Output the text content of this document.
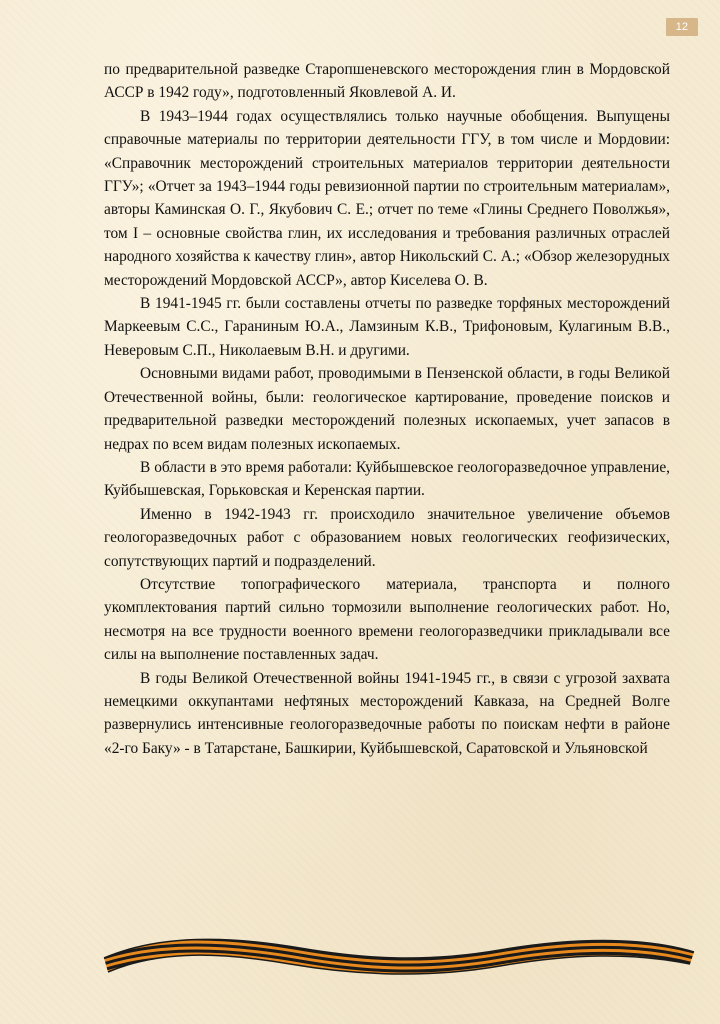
12

по предварительной разведке Старопшеневского месторождения глин в Мордовской АССР в 1942 году», подготовленный Яковлевой А. И.

В 1943–1944 годах осуществлялись только научные обобщения. Выпущены справочные материалы по территории деятельности ГГУ, в том числе и Мордовии: «Справочник месторождений строительных материалов территории деятельности ГГУ»; «Отчет за 1943–1944 годы ревизионной партии по строительным материалам», авторы Каминская О. Г., Якубович С. Е.; отчет по теме «Глины Среднего Поволжья», том I – основные свойства глин, их исследования и требования различных отраслей народного хозяйства к качеству глин», автор Никольский С. А.; «Обзор железорудных месторождений Мордовской АССР», автор Киселева О. В.

В 1941-1945 гг. были составлены отчеты по разведке торфяных месторождений Маркеевым С.С., Гараниным Ю.А., Ламзиным К.В., Трифоновым, Кулагиным В.В., Неверовым С.П., Николаевым В.Н. и другими.

Основными видами работ, проводимыми в Пензенской области, в годы Великой Отечественной войны, были: геологическое картирование, проведение поисков и предварительной разведки месторождений полезных ископаемых, учет запасов в недрах по всем видам полезных ископаемых.

В области в это время работали: Куйбышевское геологоразведочное управление, Куйбышевская, Горьковская и Керенская партии.

Именно в 1942-1943 гг. происходило значительное увеличение объемов геологоразведочных работ с образованием новых геологических геофизических, сопутствующих партий и подразделений.

Отсутствие топографического материала, транспорта и полного укомплектования партий сильно тормозили выполнение геологических работ. Но, несмотря на все трудности военного времени геологоразведчики прикладывали все силы на выполнение поставленных задач.

В годы Великой Отечественной войны 1941-1945 гг., в связи с угрозой захвата немецкими оккупантами нефтяных месторождений Кавказа, на Средней Волге развернулись интенсивные геологоразведочные работы по поискам нефти в районе «2-го Баку» - в Татарстане, Башкирии, Куйбышевской, Саратовской и Ульяновской
